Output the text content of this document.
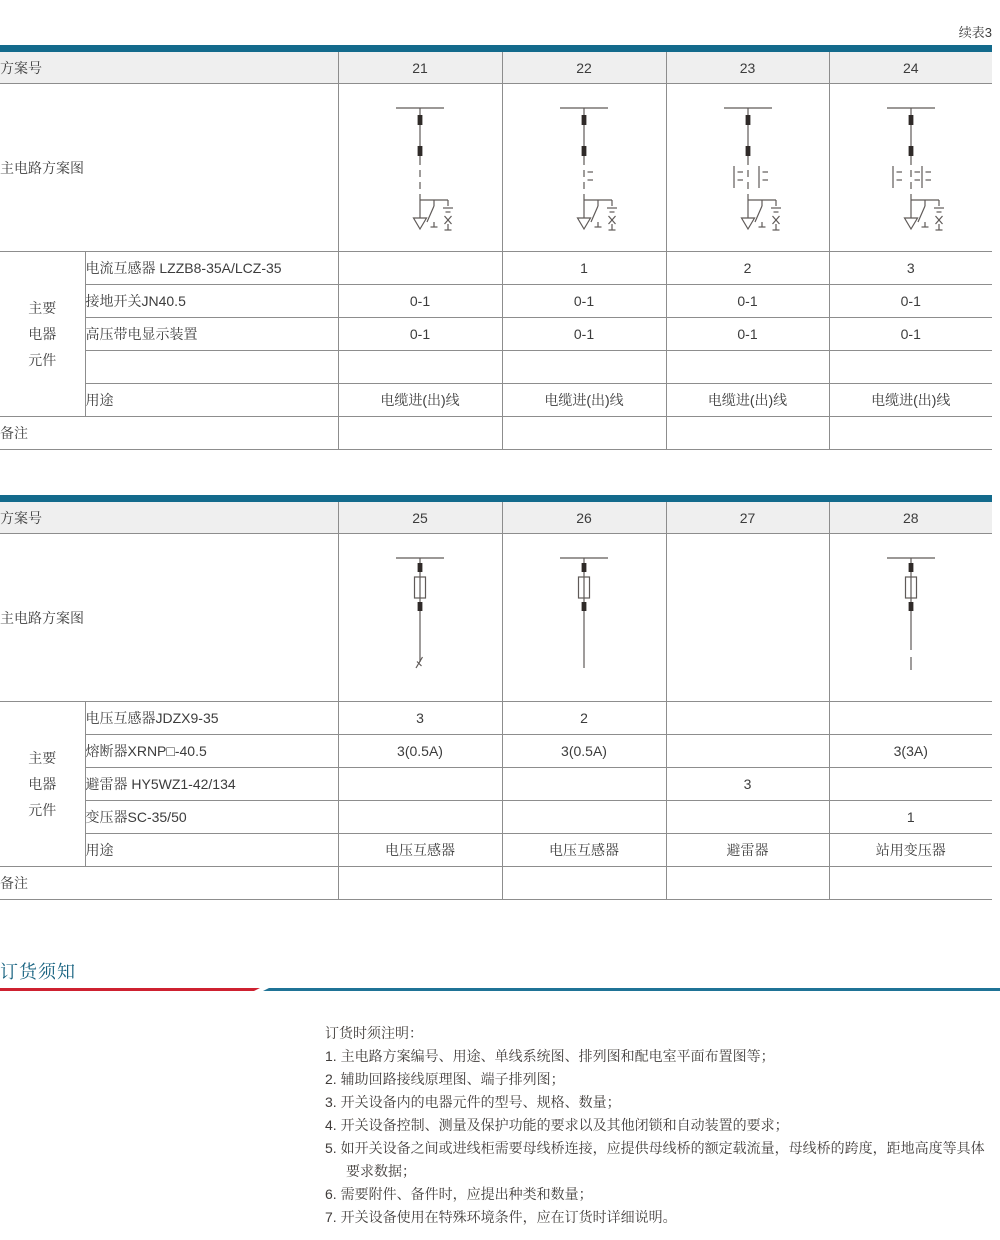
续表3
方案号		21	22	23	24
主电路方案图				
主要
电器
元件	电流互感器 LZZB8-35A/LCZ-35		1	2	3
	接地开关JN40.5	0-1	0-1	0-1	0-1
	高压带电显示装置	0-1	0-1	0-1	0-1

	用途	电缆进(出)线	电缆进(出)线	电缆进(出)线	电缆进(出)线
备注					
方案号		25	26	27	28
主电路方案图				
主要
电器
元件	电压互感器JDZX9-35	3	2		
	熔断器XRNP□-40.5	3(0.5A)	3(0.5A)		3(3A)
	避雷器 HY5WZ1-42/134			3	
	变压器SC-35/50				1
	用途	电压互感器	电压互感器	避雷器	站用变压器
备注					
订货须知
订货时须注明：
1. 主电路方案编号、用途、单线系统图、排列图和配电室平面布置图等；
2. 辅助回路接线原理图、端子排列图；
3. 开关设备内的电器元件的型号、规格、数量；
4. 开关设备控制、测量及保护功能的要求以及其他闭锁和自动装置的要求；
5. 如开关设备之间或进线柜需要母线桥连接，应提供母线桥的额定载流量，母线桥的跨度，距地高度等具体要求数据；
6. 需要附件、备件时，应提出种类和数量；
7. 开关设备使用在特殊环境条件，应在订货时详细说明。
